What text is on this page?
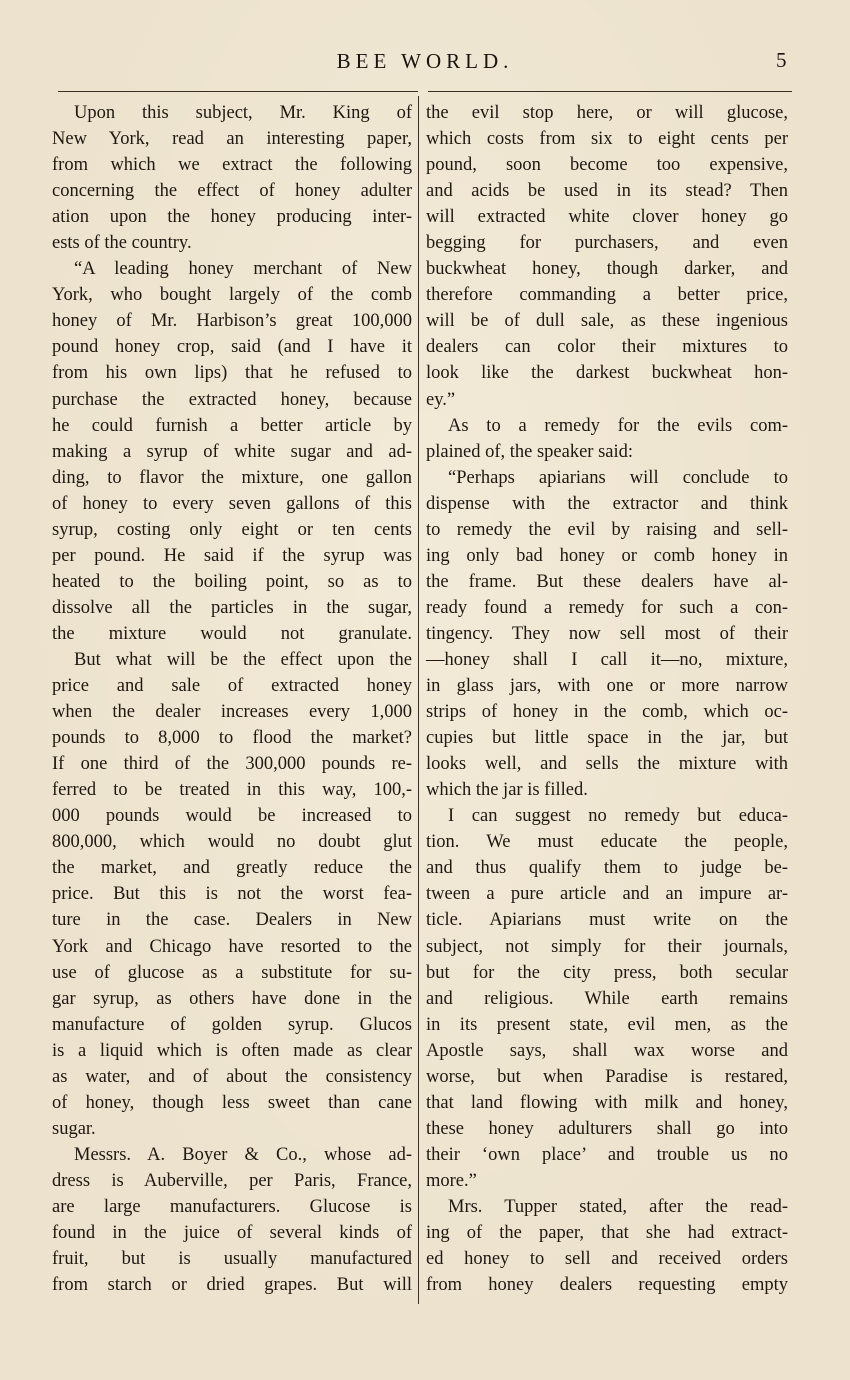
BEE WORLD.	5
Upon this subject, Mr. King of
New York, read an interesting paper,
from which we extract the following
concerning the effect of honey adulter
ation upon the honey producing inter-
ests of the country.
“A leading honey merchant of New
York, who bought largely of the comb
honey of Mr. Harbison’s great 100,000
pound honey crop, said (and I have it
from his own lips) that he refused to
purchase the extracted honey, because
he could furnish a better article by
making a syrup of white sugar and ad-
ding, to flavor the mixture, one gallon
of honey to every seven gallons of this
syrup, costing only eight or ten cents
per pound. He said if the syrup was
heated to the boiling point, so as to
dissolve all the particles in the sugar,
the mixture would not granulate.
But what will be the effect upon the
price and sale of extracted honey
when the dealer increases every 1,000
pounds to 8,000 to flood the market?
If one third of the 300,000 pounds re-
ferred to be treated in this way, 100,-
000 pounds would be increased to
800,000, which would no doubt glut
the market, and greatly reduce the
price. But this is not the worst fea-
ture in the case. Dealers in New
York and Chicago have resorted to the
use of glucose as a substitute for su-
gar syrup, as others have done in the
manufacture of golden syrup. Glucos
is a liquid which is often made as clear
as water, and of about the consistency
of honey, though less sweet than cane
sugar.
Messrs. A. Boyer & Co., whose ad-
dress is Auberville, per Paris, France,
are large manufacturers. Glucose is
found in the juice of several kinds of
fruit, but is usually manufactured
from starch or dried grapes. But will
the evil stop here, or will glucose,
which costs from six to eight cents per
pound, soon become too expensive,
and acids be used in its stead? Then
will extracted white clover honey go
begging for purchasers, and even
buckwheat honey, though darker, and
therefore commanding a better price,
will be of dull sale, as these ingenious
dealers can color their mixtures to
look like the darkest buckwheat hon-
ey.”
As to a remedy for the evils com-
plained of, the speaker said:
“Perhaps apiarians will conclude to
dispense with the extractor and think
to remedy the evil by raising and sell-
ing only bad honey or comb honey in
the frame. But these dealers have al-
ready found a remedy for such a con-
tingency. They now sell most of their
—honey shall I call it—no, mixture,
in glass jars, with one or more narrow
strips of honey in the comb, which oc-
cupies but little space in the jar, but
looks well, and sells the mixture with
which the jar is filled.
I can suggest no remedy but educa-
tion. We must educate the people,
and thus qualify them to judge be-
tween a pure article and an impure ar-
ticle. Apiarians must write on the
subject, not simply for their journals,
but for the city press, both secular
and religious. While earth remains
in its present state, evil men, as the
Apostle says, shall wax worse and
worse, but when Paradise is restared,
that land flowing with milk and honey,
these honey adulturers shall go into
their ‘own place’ and trouble us no
more.”
Mrs. Tupper stated, after the read-
ing of the paper, that she had extract-
ed honey to sell and received orders
from honey dealers requesting empty
